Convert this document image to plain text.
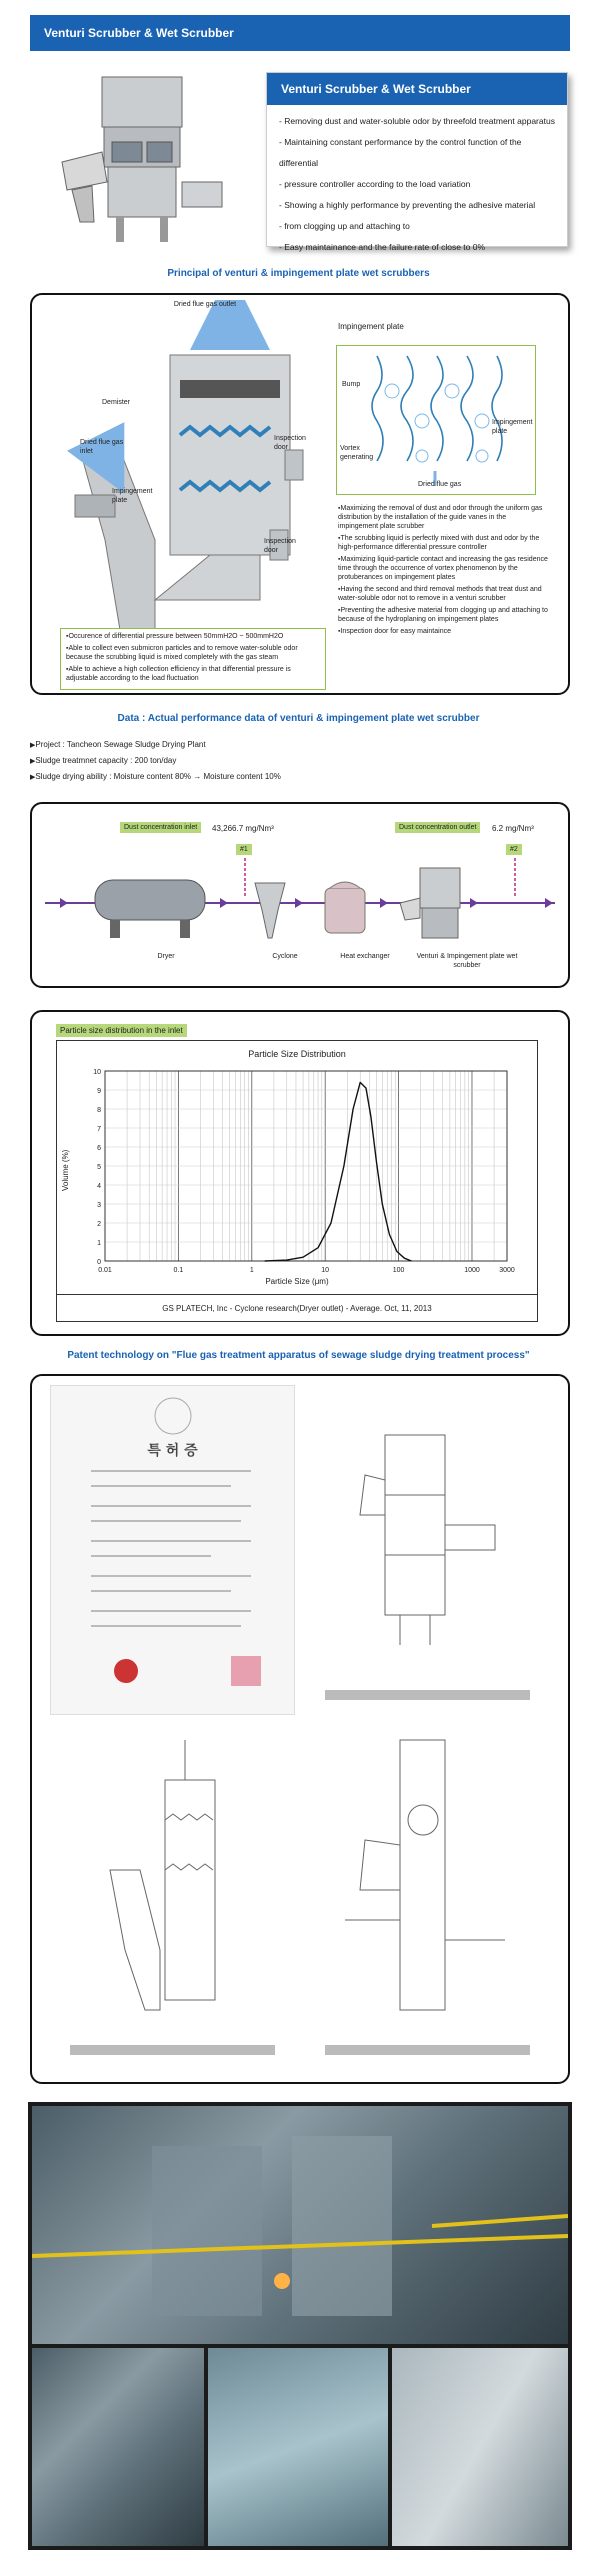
Venturi Scrubber & Wet Scrubber
Venturi Scrubber & Wet Scrubber
- Removing dust and water-soluble odor by threefold treatment apparatus
- Maintaining constant performance by the control function of the differential
- pressure controller according to the load variation
- Showing a highly performance by preventing the adhesive material
- from clogging up and attaching to
- Easy maintainance and the failure rate of close to 0%
Principal of venturi & impingement plate wet scrubbers
Dried flue gas outlet
Demister
Dried flue gas inlet
Impingement plate
Inspection door
Inspection door
Impingement plate
Bump
Impingement plate
Vortex generating
Dried flue gas
▪ Maximizing the removal of dust and odor through the uniform gas distribution by the installation of the guide vanes in the impingement plate scrubber
▪ The scrubbing liquid is perfectly mixed with dust and odor by the high-performance differential pressure controller
▪ Maximizing liquid-particle contact and increasing the gas residence time through the occurrence of vortex phenomenon by the protuberances on impingement plates
▪ Having the second and third removal methods that treat dust and water-soluble odor not to remove in a venturi scrubber
▪ Preventing the adhesive material from clogging up and attaching to because of the hydroplaning on impingement plates
▪ Inspection door for easy maintaince
▪ Occurence of differential pressure between 50mmH2O ~ 500mmH2O
▪ Able to collect even submicron particles and to remove water-soluble odor because the scrubbing liquid is mixed completely with the gas steam
▪ Able to achieve a high collection efficiency in that differential pressure is adjustable according to the load fluctuation
Data : Actual performance data of venturi & impingement plate wet scrubber
▶ Project : Tancheon Sewage Sludge Drying Plant
▶ Sludge treatmnet capacity : 200 ton/day
▶ Sludge drying ability : Moisture content 80% → Moisture content 10%
Dust concentration inlet	43,266.7 mg/Nm³	Dust concentration outlet	6.2 mg/Nm³
#1	#2
Dryer	Cyclone	Heat exchanger	Venturi & Impingement plate wet scrubber
Particle size distribution in the inlet
Particle Size Distribution
Volume (%)
0
1
2
3
4
5
6
7
8
9
10
0.01	0.1	1	10	100	1000	3000
Particle Size (μm)
GS PLATECH, Inc - Cyclone research(Dryer outlet) - Average. Oct, 11, 2013
Patent technology on "Flue gas treatment apparatus of sewage sludge drying treatment process"
특 허 증
